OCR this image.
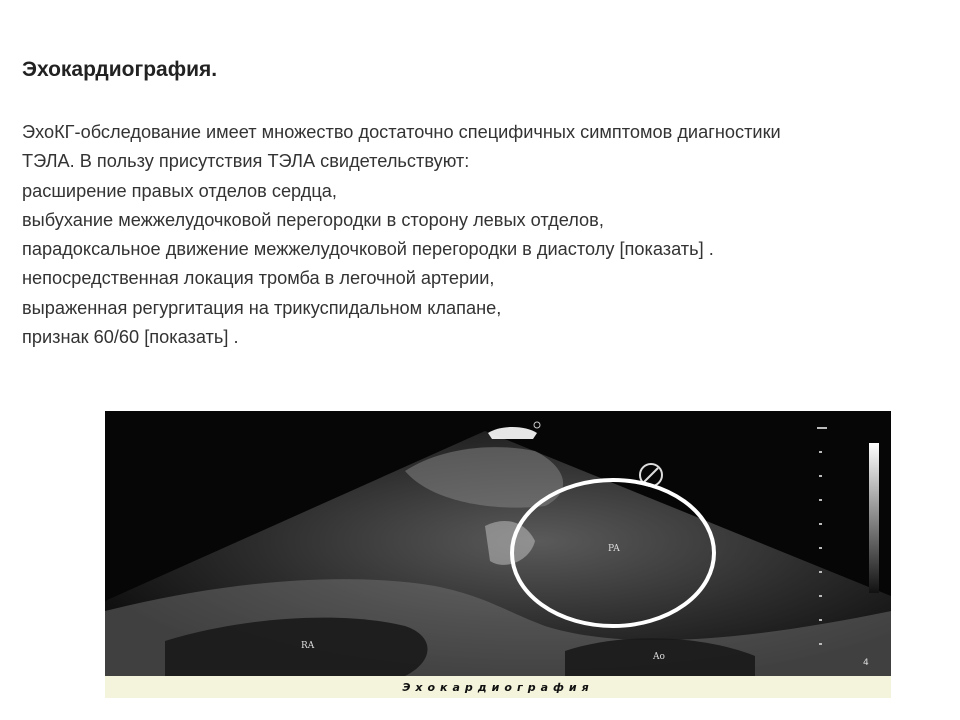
Эхокардиография.

ЭхоКГ-обследование имеет множество достаточно специфичных симптомов диагностики

ТЭЛА. В пользу присутствия ТЭЛА свидетельствуют:

расширение правых отделов сердца,

выбухание межжелудочковой перегородки в сторону левых отделов,

парадоксальное движение межжелудочковой перегородки в диастолу [показать] .

непосредственная локация тромба в легочной артерии,

выраженная регургитация на трикуспидальном клапане,

признак 60/60 [показать] .

PA
RA
Ao
4
Эхокардиография
